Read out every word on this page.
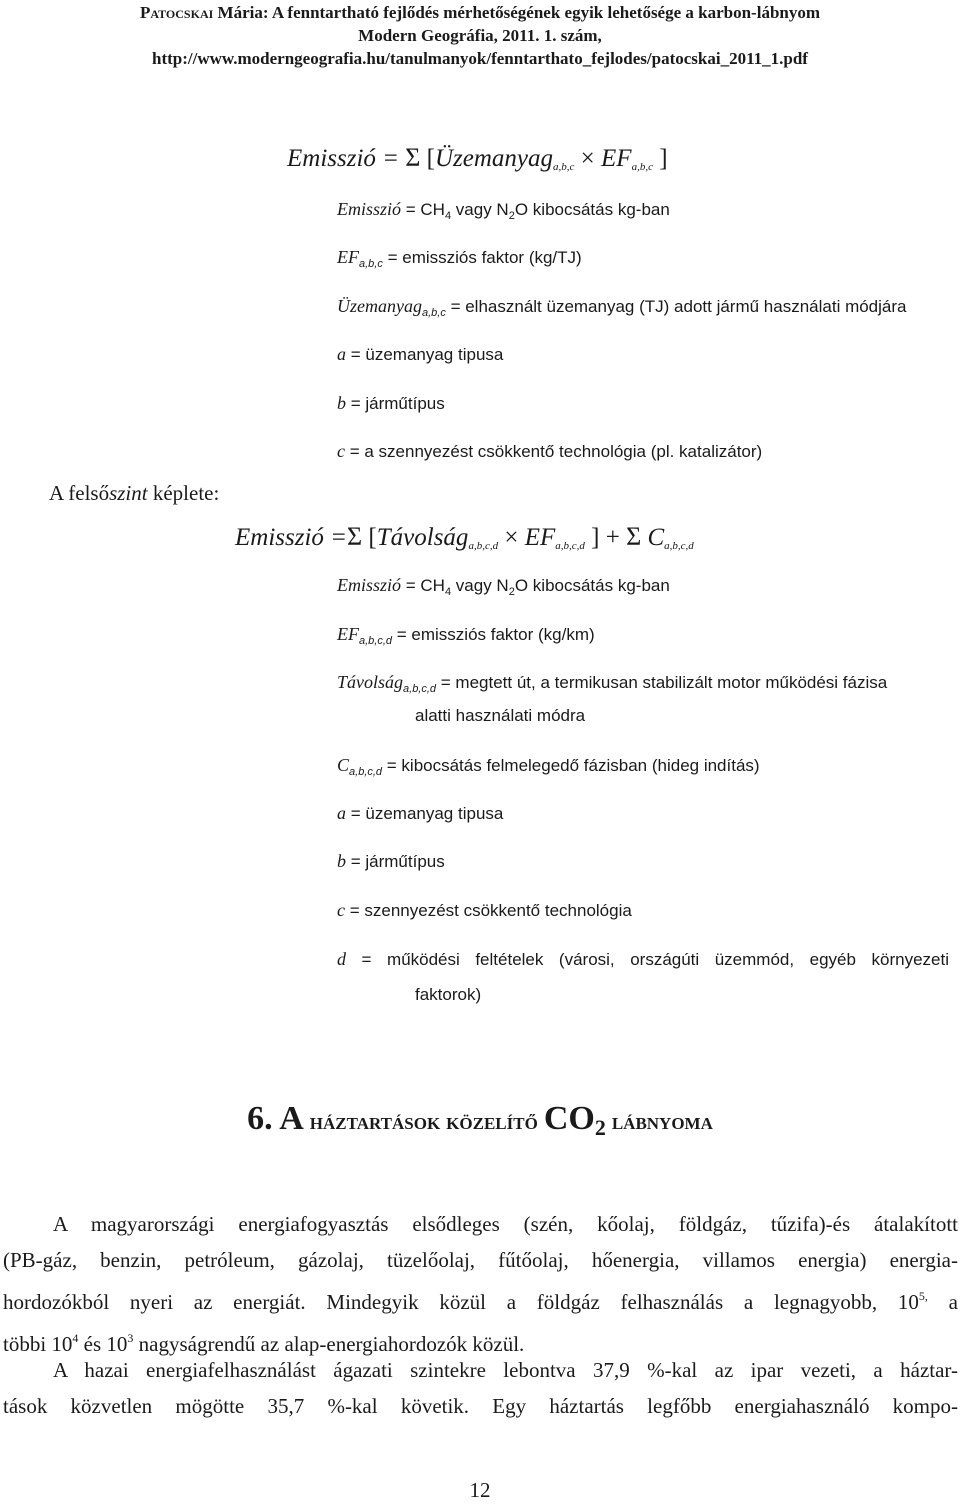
Patocskai Mária: A fenntartható fejlődés mérhetőségének egyik lehetősége a karbon-lábnyom
Modern Geográfia, 2011. 1. szám,
http://www.moderngeografia.hu/tanulmanyok/fenntarthato_fejlodes/patocskai_2011_1.pdf
Emisszió = Σ [Üzemanyag$_{a,b,c}$ × $EF_{a,b,c}$ ]
Emisszió = $CH_4$ vagy $N_2O$ kibocsátás kg-ban
$EF_{a,b,c}$ = emissziós faktor (kg/TJ)
Üzemanyag$_{a,b,c}$ = elhasznált üzemanyag (TJ) adott jármű használati módjára
a = üzemanyag tipusa
b = járműtípus
c = a szennyezést csökkentő technológia (pl. katalizátor)
A felsőszint képlete:
Emisszió =Σ [Távolság$_{a,b,c,d}$ × $EF_{a,b,c,d}$ ] + Σ $C_{a,b,c,d}$
Emisszió = $CH_4$ vagy $N_2O$ kibocsátás kg-ban
$EF_{a,b,c,d}$ = emissziós faktor (kg/km)
Távolság$_{a,b,c,d}$ = megtett út, a termikusan stabilizált motor működési fázisa
alatti használati módra
$C_{a,b,c,d}$ = kibocsátás felmelegedő fázisban (hideg indítás)
a = üzemanyag tipusa
b = járműtípus
c = szennyezést csökkentő technológia
d = működési feltételek (városi, országúti üzemmód, egyéb környezeti
faktorok)
6. A háztartások közelítő CO2 lábnyoma
A magyarországi energiafogyasztás elsődleges (szén, kőolaj, földgáz, tűzifa)-és átalakított
(PB-gáz, benzin, petróleum, gázolaj, tüzelőolaj, fűtőolaj, hőenergia, villamos energia) energia-
hordozókból nyeri az energiát. Mindegyik közül a földgáz felhasználás a legnagyobb, $10^{5,}$ a
többi $10^4$ és $10^3$ nagyságrendű az alap-energiahordozók közül.
A hazai energiafelhasználást ágazati szintekre lebontva 37,9 %-kal az ipar vezeti, a háztar-
tások közvetlen mögötte 35,7 %-kal követik. Egy háztartás legfőbb energiahasználó kompo-
12
